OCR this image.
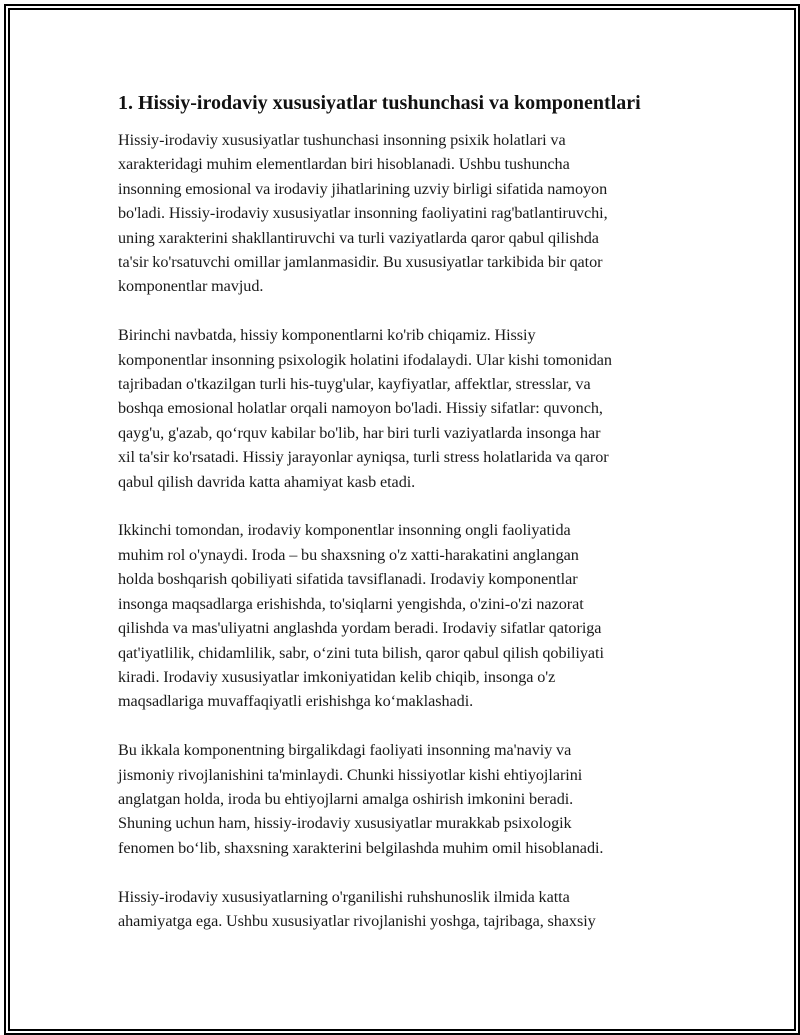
1. Hissiy-irodaviy xususiyatlar tushunchasi va komponentlari

Hissiy-irodaviy xususiyatlar tushunchasi insonning psixik holatlari va
xarakteridagi muhim elementlardan biri hisoblanadi. Ushbu tushuncha
insonning emosional va irodaviy jihatlarining uzviy birligi sifatida namoyon
bo'ladi. Hissiy-irodaviy xususiyatlar insonning faoliyatini rag'batlantiruvchi,
uning xarakterini shakllantiruvchi va turli vaziyatlarda qaror qabul qilishda
ta'sir ko'rsatuvchi omillar jamlanmasidir. Bu xususiyatlar tarkibida bir qator
komponentlar mavjud.

Birinchi navbatda, hissiy komponentlarni ko'rib chiqamiz. Hissiy
komponentlar insonning psixologik holatini ifodalaydi. Ular kishi tomonidan
tajribadan o'tkazilgan turli his-tuyg'ular, kayfiyatlar, affektlar, stresslar, va
boshqa emosional holatlar orqali namoyon bo'ladi. Hissiy sifatlar: quvonch,
qayg'u, g'azab, qo‘rquv kabilar bo'lib, har biri turli vaziyatlarda insonga har
xil ta'sir ko'rsatadi. Hissiy jarayonlar ayniqsa, turli stress holatlarida va qaror
qabul qilish davrida katta ahamiyat kasb etadi.

Ikkinchi tomondan, irodaviy komponentlar insonning ongli faoliyatida
muhim rol o'ynaydi. Iroda – bu shaxsning o'z xatti-harakatini anglangan
holda boshqarish qobiliyati sifatida tavsiflanadi. Irodaviy komponentlar
insonga maqsadlarga erishishda, to'siqlarni yengishda, o'zini-o'zi nazorat
qilishda va mas'uliyatni anglashda yordam beradi. Irodaviy sifatlar qatoriga
qat'iyatlilik, chidamlilik, sabr, o‘zini tuta bilish, qaror qabul qilish qobiliyati
kiradi. Irodaviy xususiyatlar imkoniyatidan kelib chiqib, insonga o'z
maqsadlariga muvaffaqiyatli erishishga ko‘maklashadi.

Bu ikkala komponentning birgalikdagi faoliyati insonning ma'naviy va
jismoniy rivojlanishini ta'minlaydi. Chunki hissiyotlar kishi ehtiyojlarini
anglatgan holda, iroda bu ehtiyojlarni amalga oshirish imkonini beradi.
Shuning uchun ham, hissiy-irodaviy xususiyatlar murakkab psixologik
fenomen bo‘lib, shaxsning xarakterini belgilashda muhim omil hisoblanadi.

Hissiy-irodaviy xususiyatlarning o'rganilishi ruhshunoslik ilmida katta
ahamiyatga ega. Ushbu xususiyatlar rivojlanishi yoshga, tajribaga, shaxsiy
